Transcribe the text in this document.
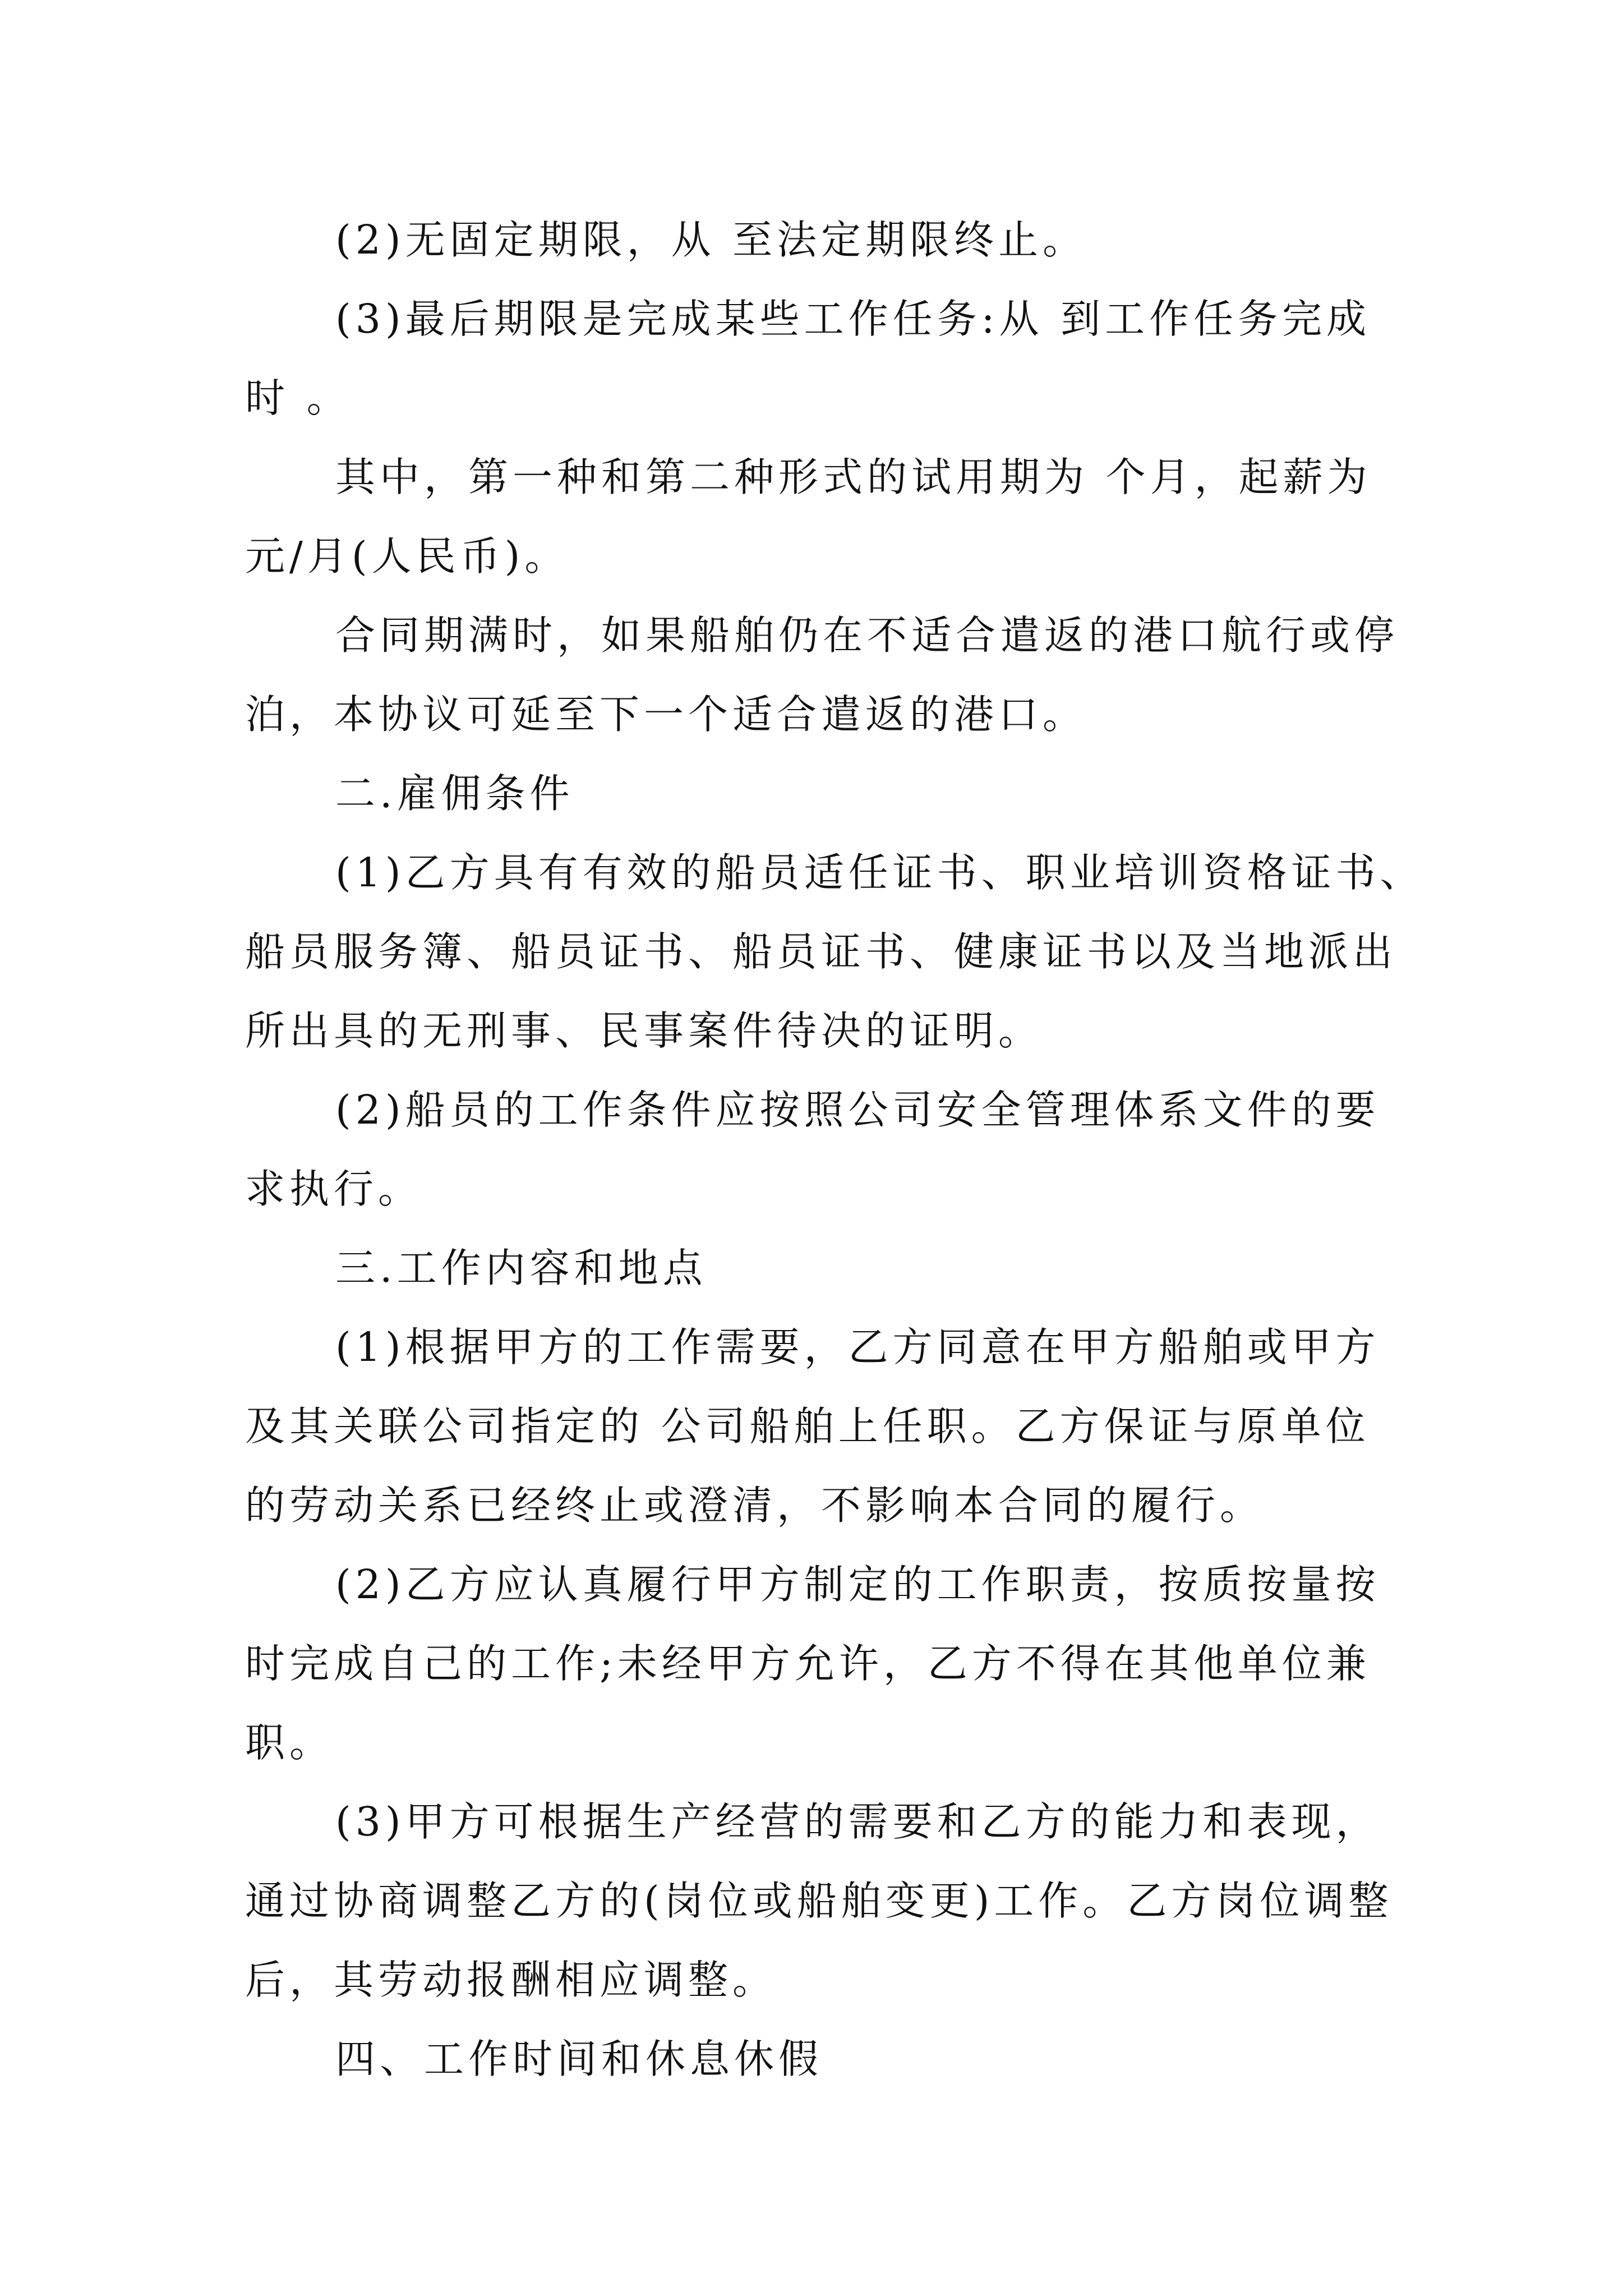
(2)无固定期限，从 至法定期限终止。
(3)最后期限是完成某些工作任务:从 到工作任务完成
时 。
其中，第一种和第二种形式的试用期为 个月，起薪为
元/月(人民币)。
合同期满时，如果船舶仍在不适合遣返的港口航行或停
泊，本协议可延至下一个适合遣返的港口。
二.雇佣条件
(1)乙方具有有效的船员适任证书、职业培训资格证书、
船员服务簿、船员证书、船员证书、健康证书以及当地派出
所出具的无刑事、民事案件待决的证明。
(2)船员的工作条件应按照公司安全管理体系文件的要
求执行。
三.工作内容和地点
(1)根据甲方的工作需要，乙方同意在甲方船舶或甲方
及其关联公司指定的 公司船舶上任职。乙方保证与原单位
的劳动关系已经终止或澄清，不影响本合同的履行。
(2)乙方应认真履行甲方制定的工作职责，按质按量按
时完成自己的工作;未经甲方允许，乙方不得在其他单位兼
职。
(3)甲方可根据生产经营的需要和乙方的能力和表现，
通过协商调整乙方的(岗位或船舶变更)工作。乙方岗位调整
后，其劳动报酬相应调整。
四、工作时间和休息休假
